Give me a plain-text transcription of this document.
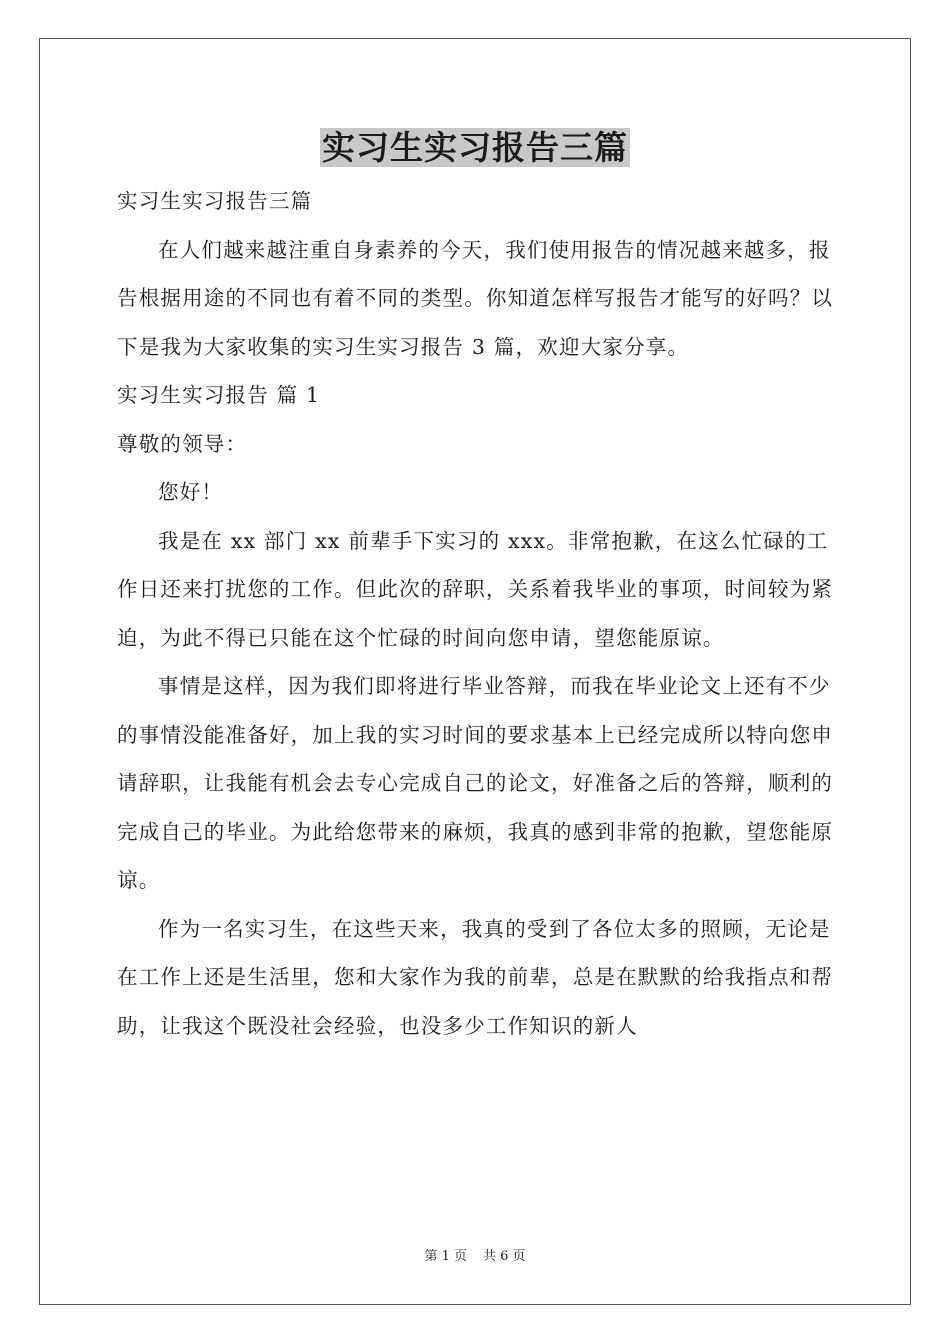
实习生实习报告三篇

实习生实习报告三篇

在人们越来越注重自身素养的今天，我们使用报告的情况越来越多，报告根据用途的不同也有着不同的类型。你知道怎样写报告才能写的好吗？以下是我为大家收集的实习生实习报告 3 篇，欢迎大家分享。

实习生实习报告 篇 1

尊敬的领导：

您好！

我是在 xx 部门 xx 前辈手下实习的 xxx。非常抱歉，在这么忙碌的工作日还来打扰您的工作。但此次的辞职，关系着我毕业的事项，时间较为紧迫，为此不得已只能在这个忙碌的时间向您申请，望您能原谅。

事情是这样，因为我们即将进行毕业答辩，而我在毕业论文上还有不少的事情没能准备好，加上我的实习时间的要求基本上已经完成所以特向您申请辞职，让我能有机会去专心完成自己的论文，好准备之后的答辩，顺利的完成自己的毕业。为此给您带来的麻烦，我真的感到非常的抱歉，望您能原谅。

作为一名实习生，在这些天来，我真的受到了各位太多的照顾，无论是在工作上还是生活里，您和大家作为我的前辈，总是在默默的给我指点和帮助，让我这个既没社会经验，也没多少工作知识的新人

第 1 页 共 6 页
